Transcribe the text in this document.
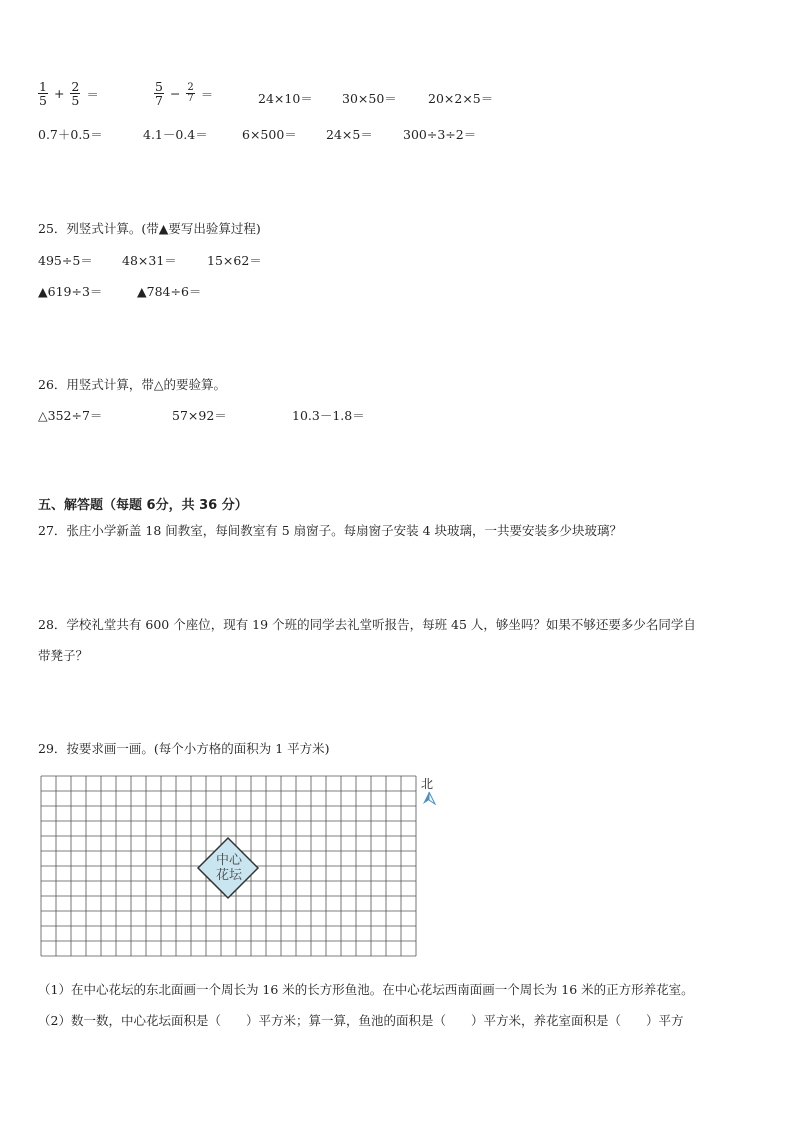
$\frac{1}{5} + \frac{2}{5}$ ＝	$\frac{5}{7} - \frac{2}{7}$ ＝	24×10＝ 30×50＝ 20×2×5＝
0.7＋0.5＝	4.1－0.4＝	6×500＝ 24×5＝ 300÷3÷2＝
25．列竖式计算。(带▲要写出验算过程)
495÷5＝ 48×31＝ 15×62＝
▲619÷3＝	▲784÷6＝
26．用竖式计算，带△的要验算。
△352÷7＝	57×92＝	10.3－1.8＝
五、解答题（每题 6分，共 36 分）
27．张庄小学新盖 18 间教室，每间教室有 5 扇窗子。每扇窗子安装 4 块玻璃，一共要安装多少块玻璃？
28．学校礼堂共有 600 个座位，现有 19 个班的同学去礼堂听报告，每班 45 人，够坐吗？如果不够还要多少名同学自
带凳子？
29．按要求画一画。(每个小方格的面积为 1 平方米)
中心
花坛
北
（1）在中心花坛的东北面画一个周长为 16 米的长方形鱼池。在中心花坛西南面画一个周长为 16 米的正方形养花室。
（2）数一数，中心花坛面积是（　　）平方米；算一算，鱼池的面积是（　　）平方米，养花室面积是（　　）平方
